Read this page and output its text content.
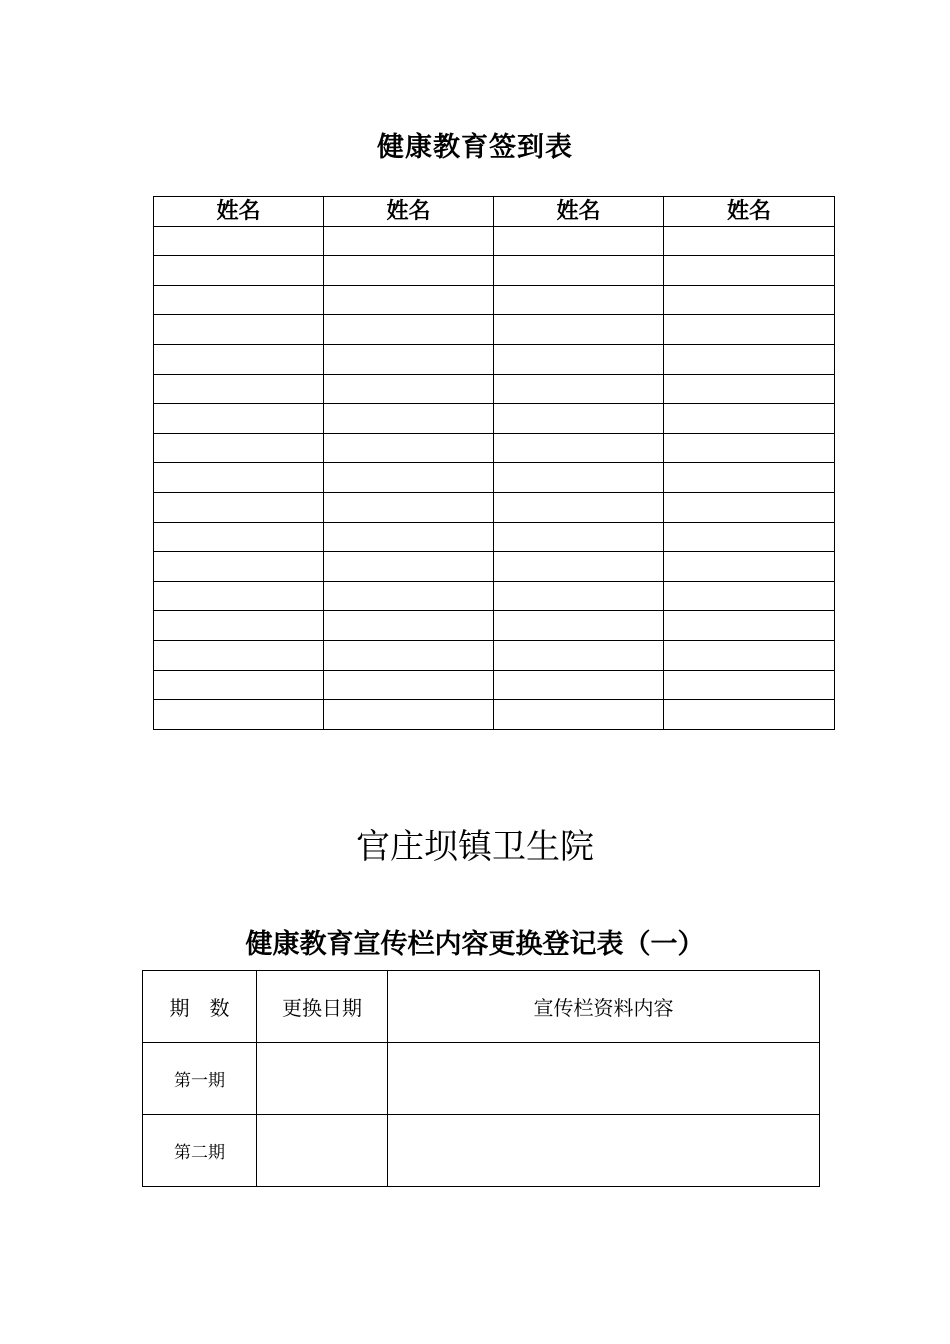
健康教育签到表
姓名	姓名	姓名	姓名

官庄坝镇卫生院
健康教育宣传栏内容更换登记表（一）
期　数	更换日期	宣传栏资料内容
第一期		
第二期		
